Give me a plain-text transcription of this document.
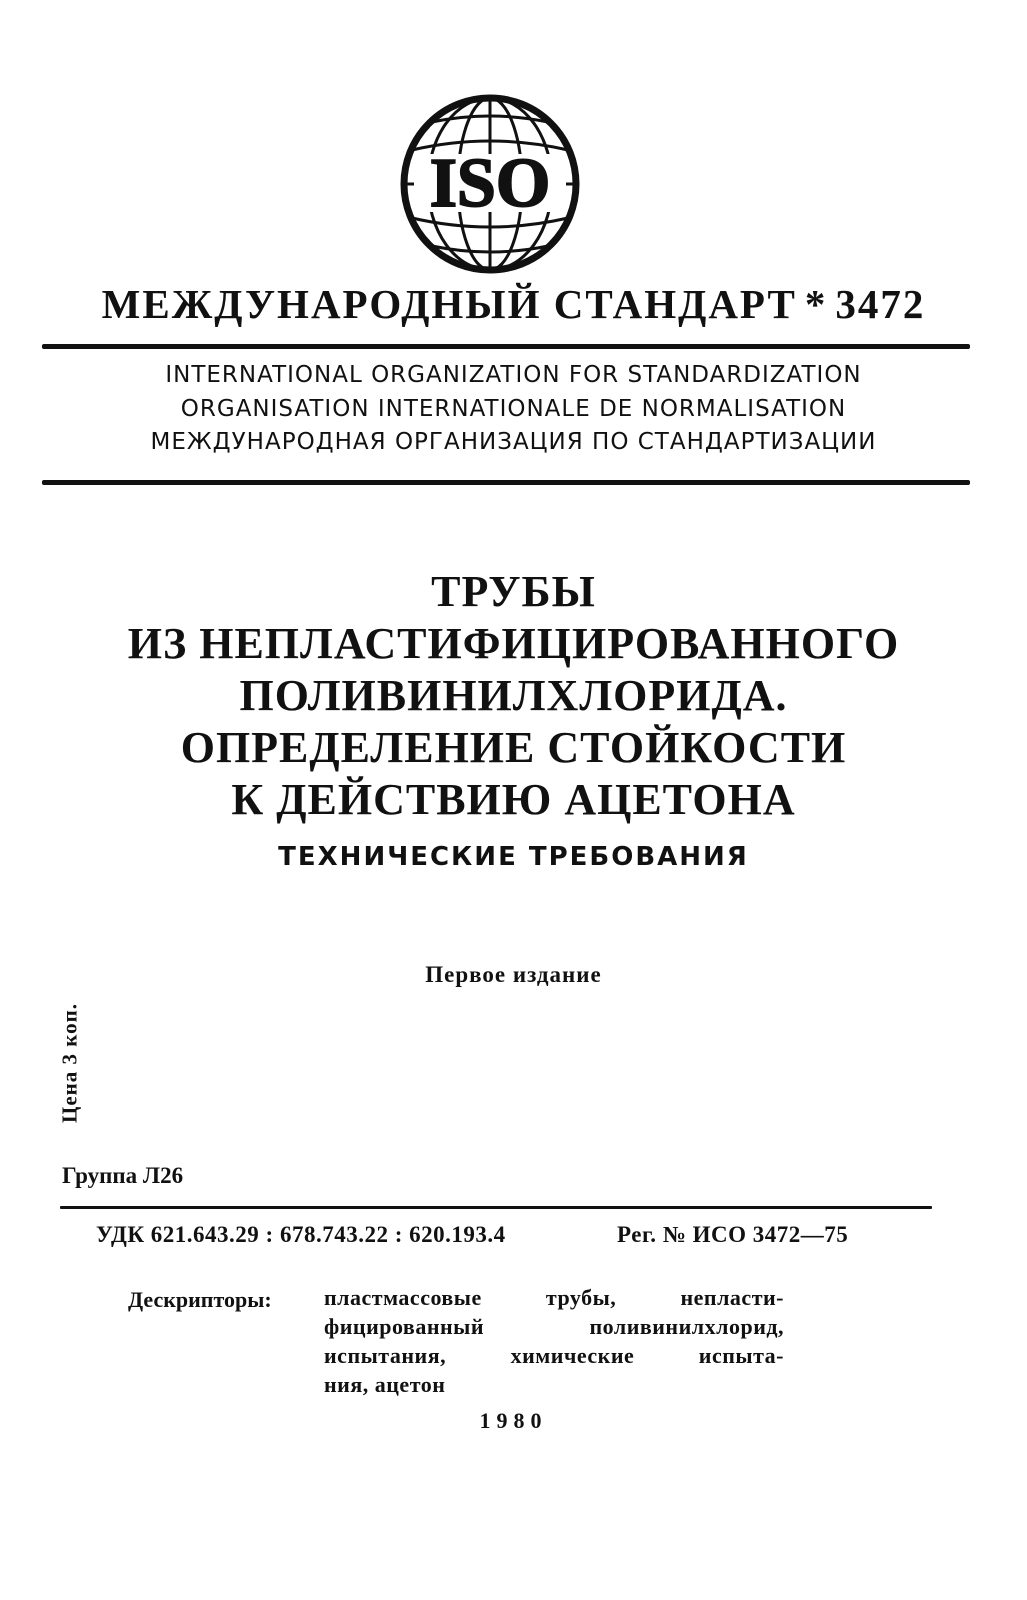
ISO
МЕЖДУНАРОДНЫЙ СТАНДАРТ * 3472
INTERNATIONAL ORGANIZATION FOR STANDARDIZATION
ORGANISATION INTERNATIONALE DE NORMALISATION
МЕЖДУНАРОДНАЯ ОРГАНИЗАЦИЯ ПО СТАНДАРТИЗАЦИИ
ТРУБЫ
ИЗ НЕПЛАСТИФИЦИРОВАННОГО
ПОЛИВИНИЛХЛОРИДА.
ОПРЕДЕЛЕНИЕ СТОЙКОСТИ
К ДЕЙСТВИЮ АЦЕТОНА
ТЕХНИЧЕСКИЕ ТРЕБОВАНИЯ
Первое издание
Цена 3 коп.
Группа Л26
УДК 621.643.29 : 678.743.22 : 620.193.4	Рег. № ИСО 3472—75
Дескрипторы: пластмассовые трубы, непласти-
фицированный поливинилхлорид,
испытания, химические испыта-
ния, ацетон
1980
